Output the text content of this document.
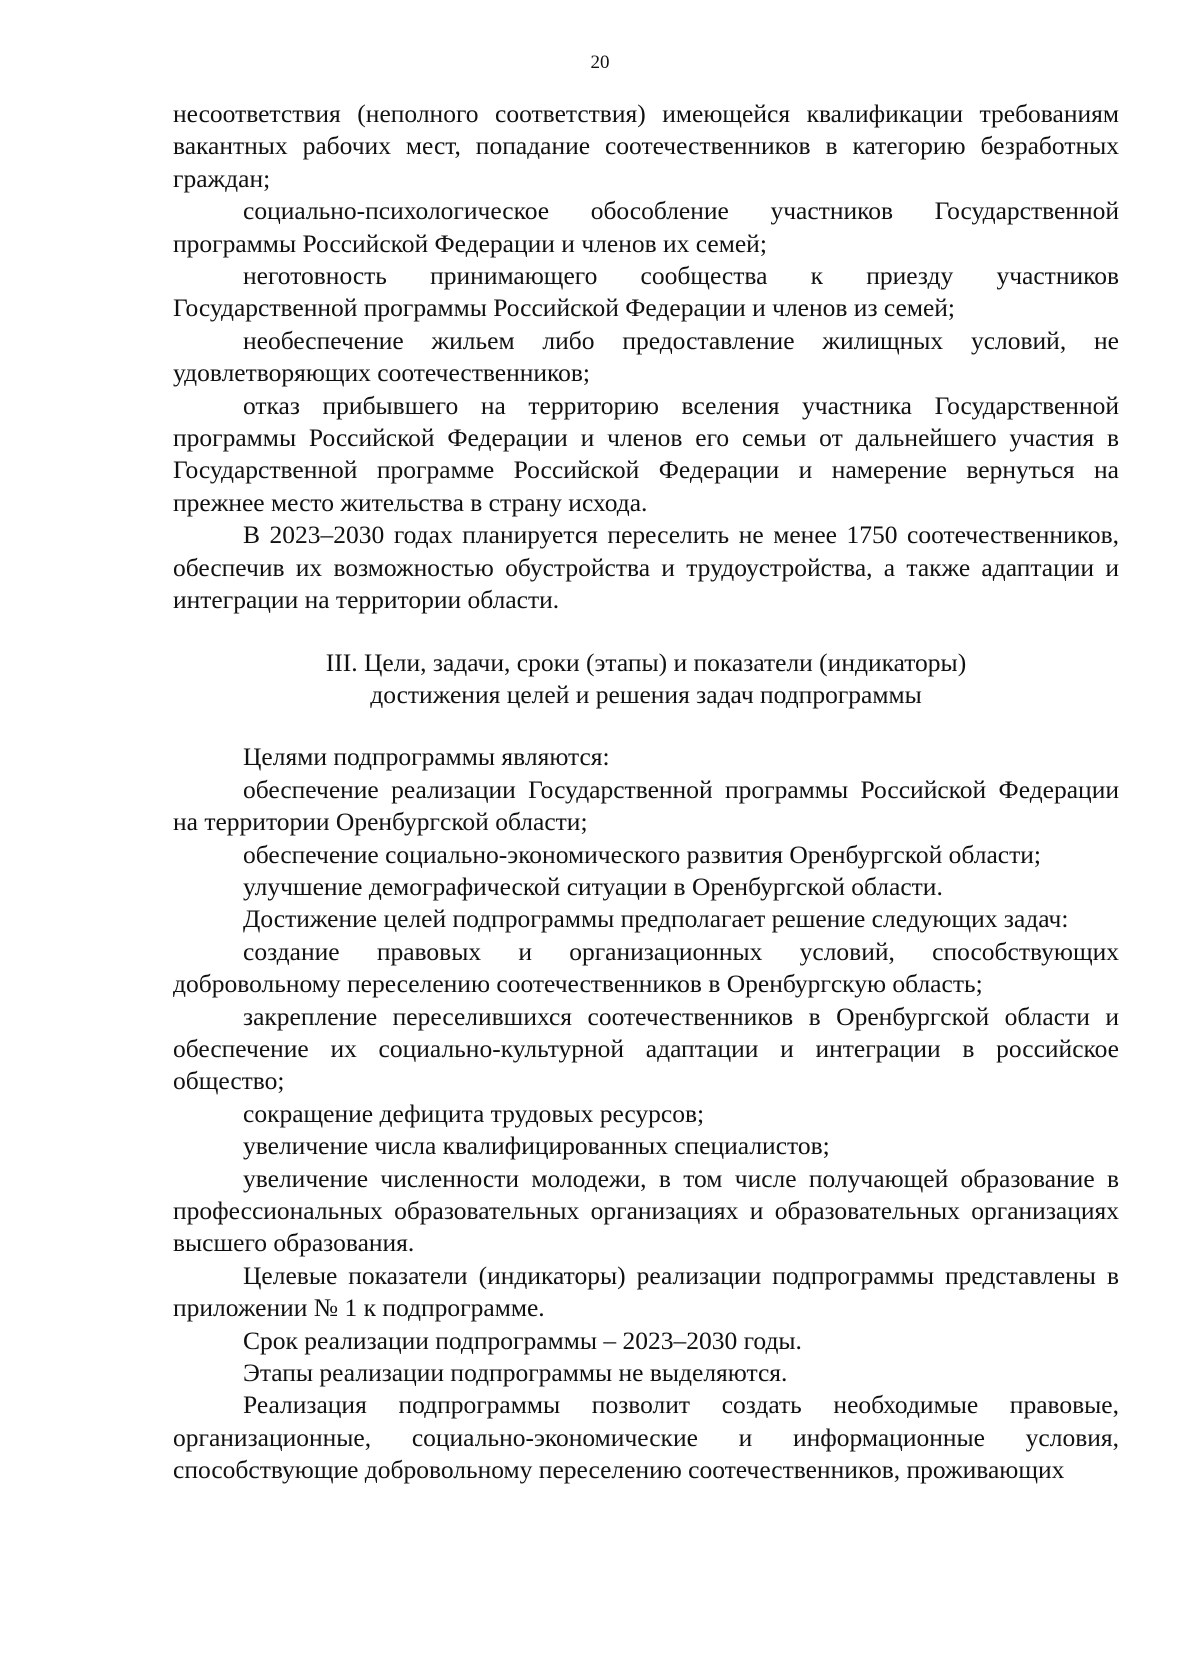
20

несоответствия (неполного соответствия) имеющейся квалификации требованиям вакантных рабочих мест, попадание соотечественников в категорию безработных граждан;

социально-психологическое обособление участников Государственной программы Российской Федерации и членов их семей;

неготовность принимающего сообщества к приезду участников Государственной программы Российской Федерации и членов из семей;

необеспечение жильем либо предоставление жилищных условий, не удовлетворяющих соотечественников;

отказ прибывшего на территорию вселения участника Государственной программы Российской Федерации и членов его семьи от дальнейшего участия в Государственной программе Российской Федерации и намерение вернуться на прежнее место жительства в страну исхода.

В 2023–2030 годах планируется переселить не менее 1750 соотечественников, обеспечив их возможностью обустройства и трудоустройства, а также адаптации и интеграции на территории области.

III. Цели, задачи, сроки (этапы) и показатели (индикаторы)
достижения целей и решения задач подпрограммы

Целями подпрограммы являются:

обеспечение реализации Государственной программы Российской Федерации на территории Оренбургской области;

обеспечение социально-экономического развития Оренбургской области;

улучшение демографической ситуации в Оренбургской области.

Достижение целей подпрограммы предполагает решение следующих задач:

создание правовых и организационных условий, способствующих добровольному переселению соотечественников в Оренбургскую область;

закрепление переселившихся соотечественников в Оренбургской области и обеспечение их социально-культурной адаптации и интеграции в российское общество;

сокращение дефицита трудовых ресурсов;

увеличение числа квалифицированных специалистов;

увеличение численности молодежи, в том числе получающей образование в профессиональных образовательных организациях и образовательных организациях высшего образования.

Целевые показатели (индикаторы) реализации подпрограммы представлены в приложении № 1 к подпрограмме.

Срок реализации подпрограммы – 2023–2030 годы.

Этапы реализации подпрограммы не выделяются.

Реализация подпрограммы позволит создать необходимые правовые, организационные, социально-экономические и информационные условия, способствующие добровольному переселению соотечественников, проживающих
